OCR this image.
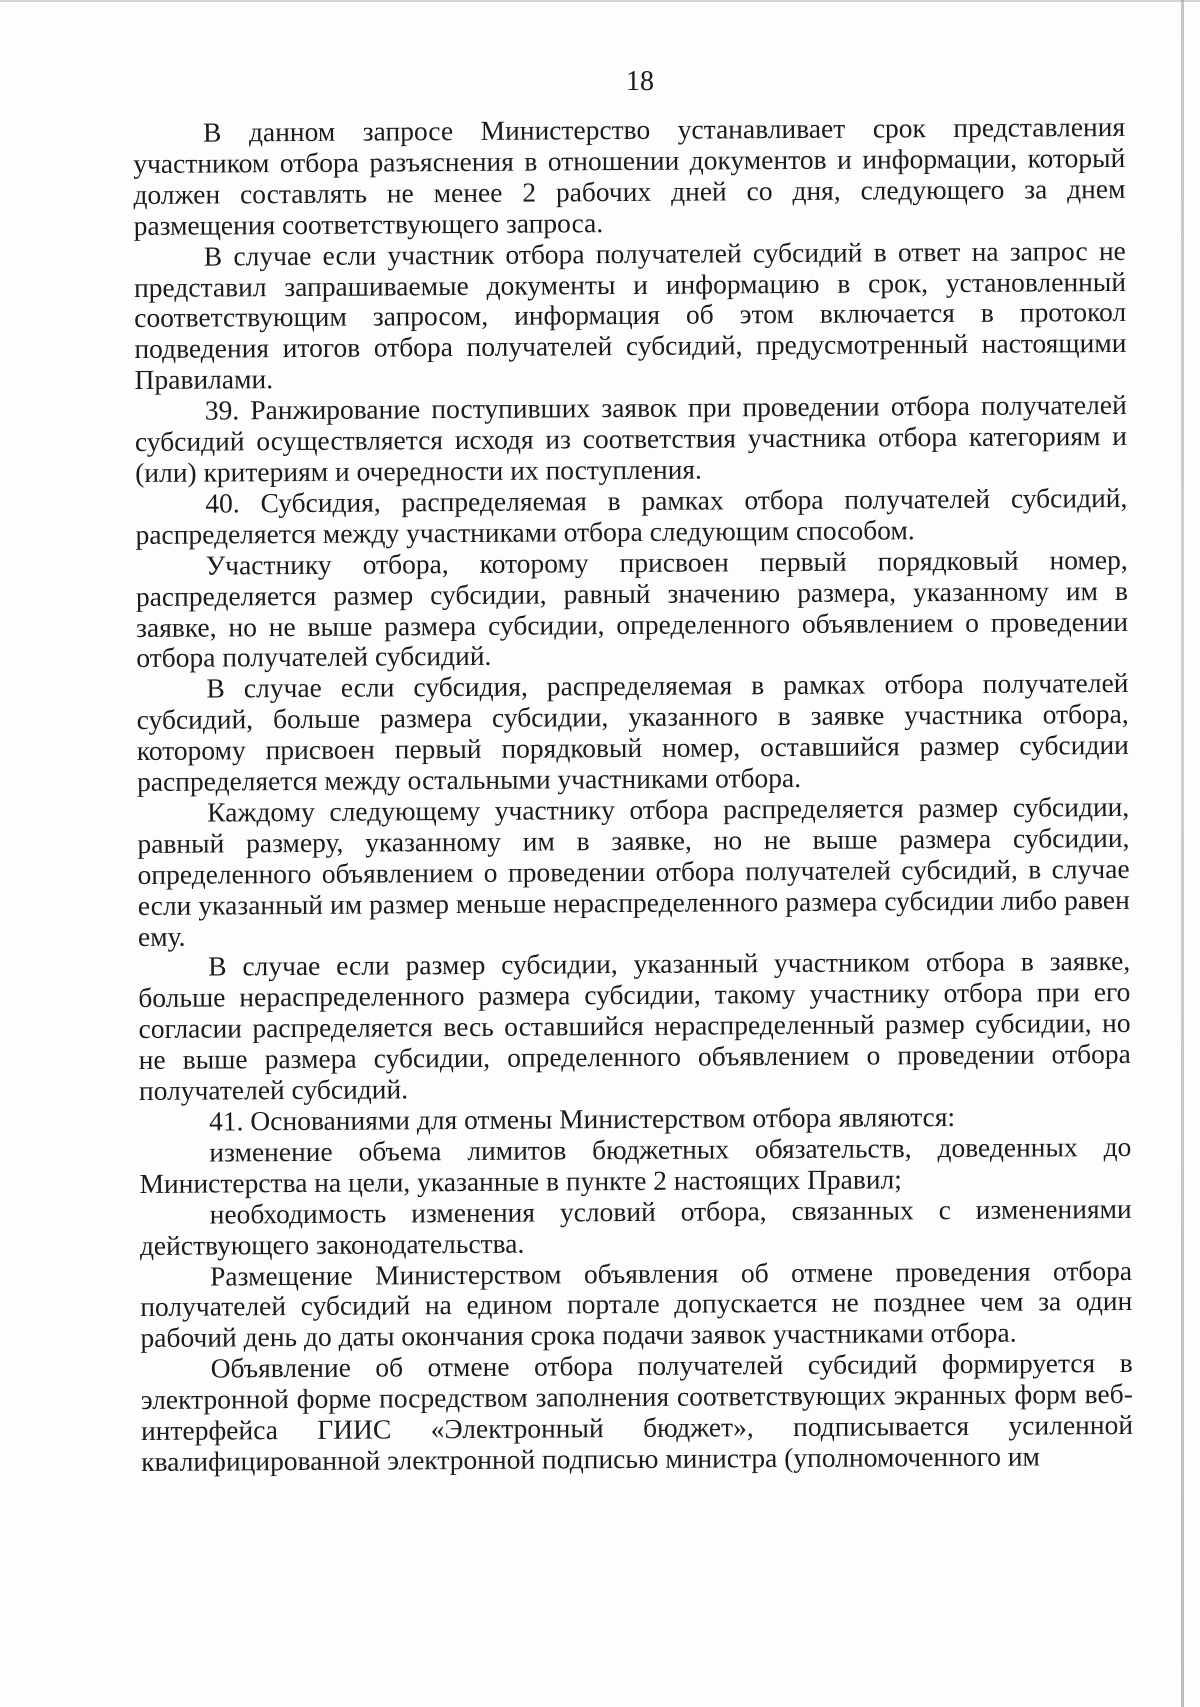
18

В данном запросе Министерство устанавливает срок представления участником отбора разъяснения в отношении документов и информации, который должен составлять не менее 2 рабочих дней со дня, следующего за днем размещения соответствующего запроса.

В случае если участник отбора получателей субсидий в ответ на запрос не представил запрашиваемые документы и информацию в срок, установленный соответствующим запросом, информация об этом включается в протокол подведения итогов отбора получателей субсидий, предусмотренный настоящими Правилами.

39. Ранжирование поступивших заявок при проведении отбора получателей субсидий осуществляется исходя из соответствия участника отбора категориям и (или) критериям и очередности их поступления.

40. Субсидия, распределяемая в рамках отбора получателей субсидий, распределяется между участниками отбора следующим способом.

Участнику отбора, которому присвоен первый порядковый номер, распределяется размер субсидии, равный значению размера, указанному им в заявке, но не выше размера субсидии, определенного объявлением о проведении отбора получателей субсидий.

В случае если субсидия, распределяемая в рамках отбора получателей субсидий, больше размера субсидии, указанного в заявке участника отбора, которому присвоен первый порядковый номер, оставшийся размер субсидии распределяется между остальными участниками отбора.

Каждому следующему участнику отбора распределяется размер субсидии, равный размеру, указанному им в заявке, но не выше размера субсидии, определенного объявлением о проведении отбора получателей субсидий, в случае если указанный им размер меньше нераспределенного размера субсидии либо равен ему.

В случае если размер субсидии, указанный участником отбора в заявке, больше нераспределенного размера субсидии, такому участнику отбора при его согласии распределяется весь оставшийся нераспределенный размер субсидии, но не выше размера субсидии, определенного объявлением о проведении отбора получателей субсидий.

41. Основаниями для отмены Министерством отбора являются:

изменение объема лимитов бюджетных обязательств, доведенных до Министерства на цели, указанные в пункте 2 настоящих Правил;

необходимость изменения условий отбора, связанных с изменениями действующего законодательства.

Размещение Министерством объявления об отмене проведения отбора получателей субсидий на едином портале допускается не позднее чем за один рабочий день до даты окончания срока подачи заявок участниками отбора.

Объявление об отмене отбора получателей субсидий формируется в электронной форме посредством заполнения соответствующих экранных форм веб-интерфейса ГИИС «Электронный бюджет», подписывается усиленной квалифицированной электронной подписью министра (уполномоченного им
